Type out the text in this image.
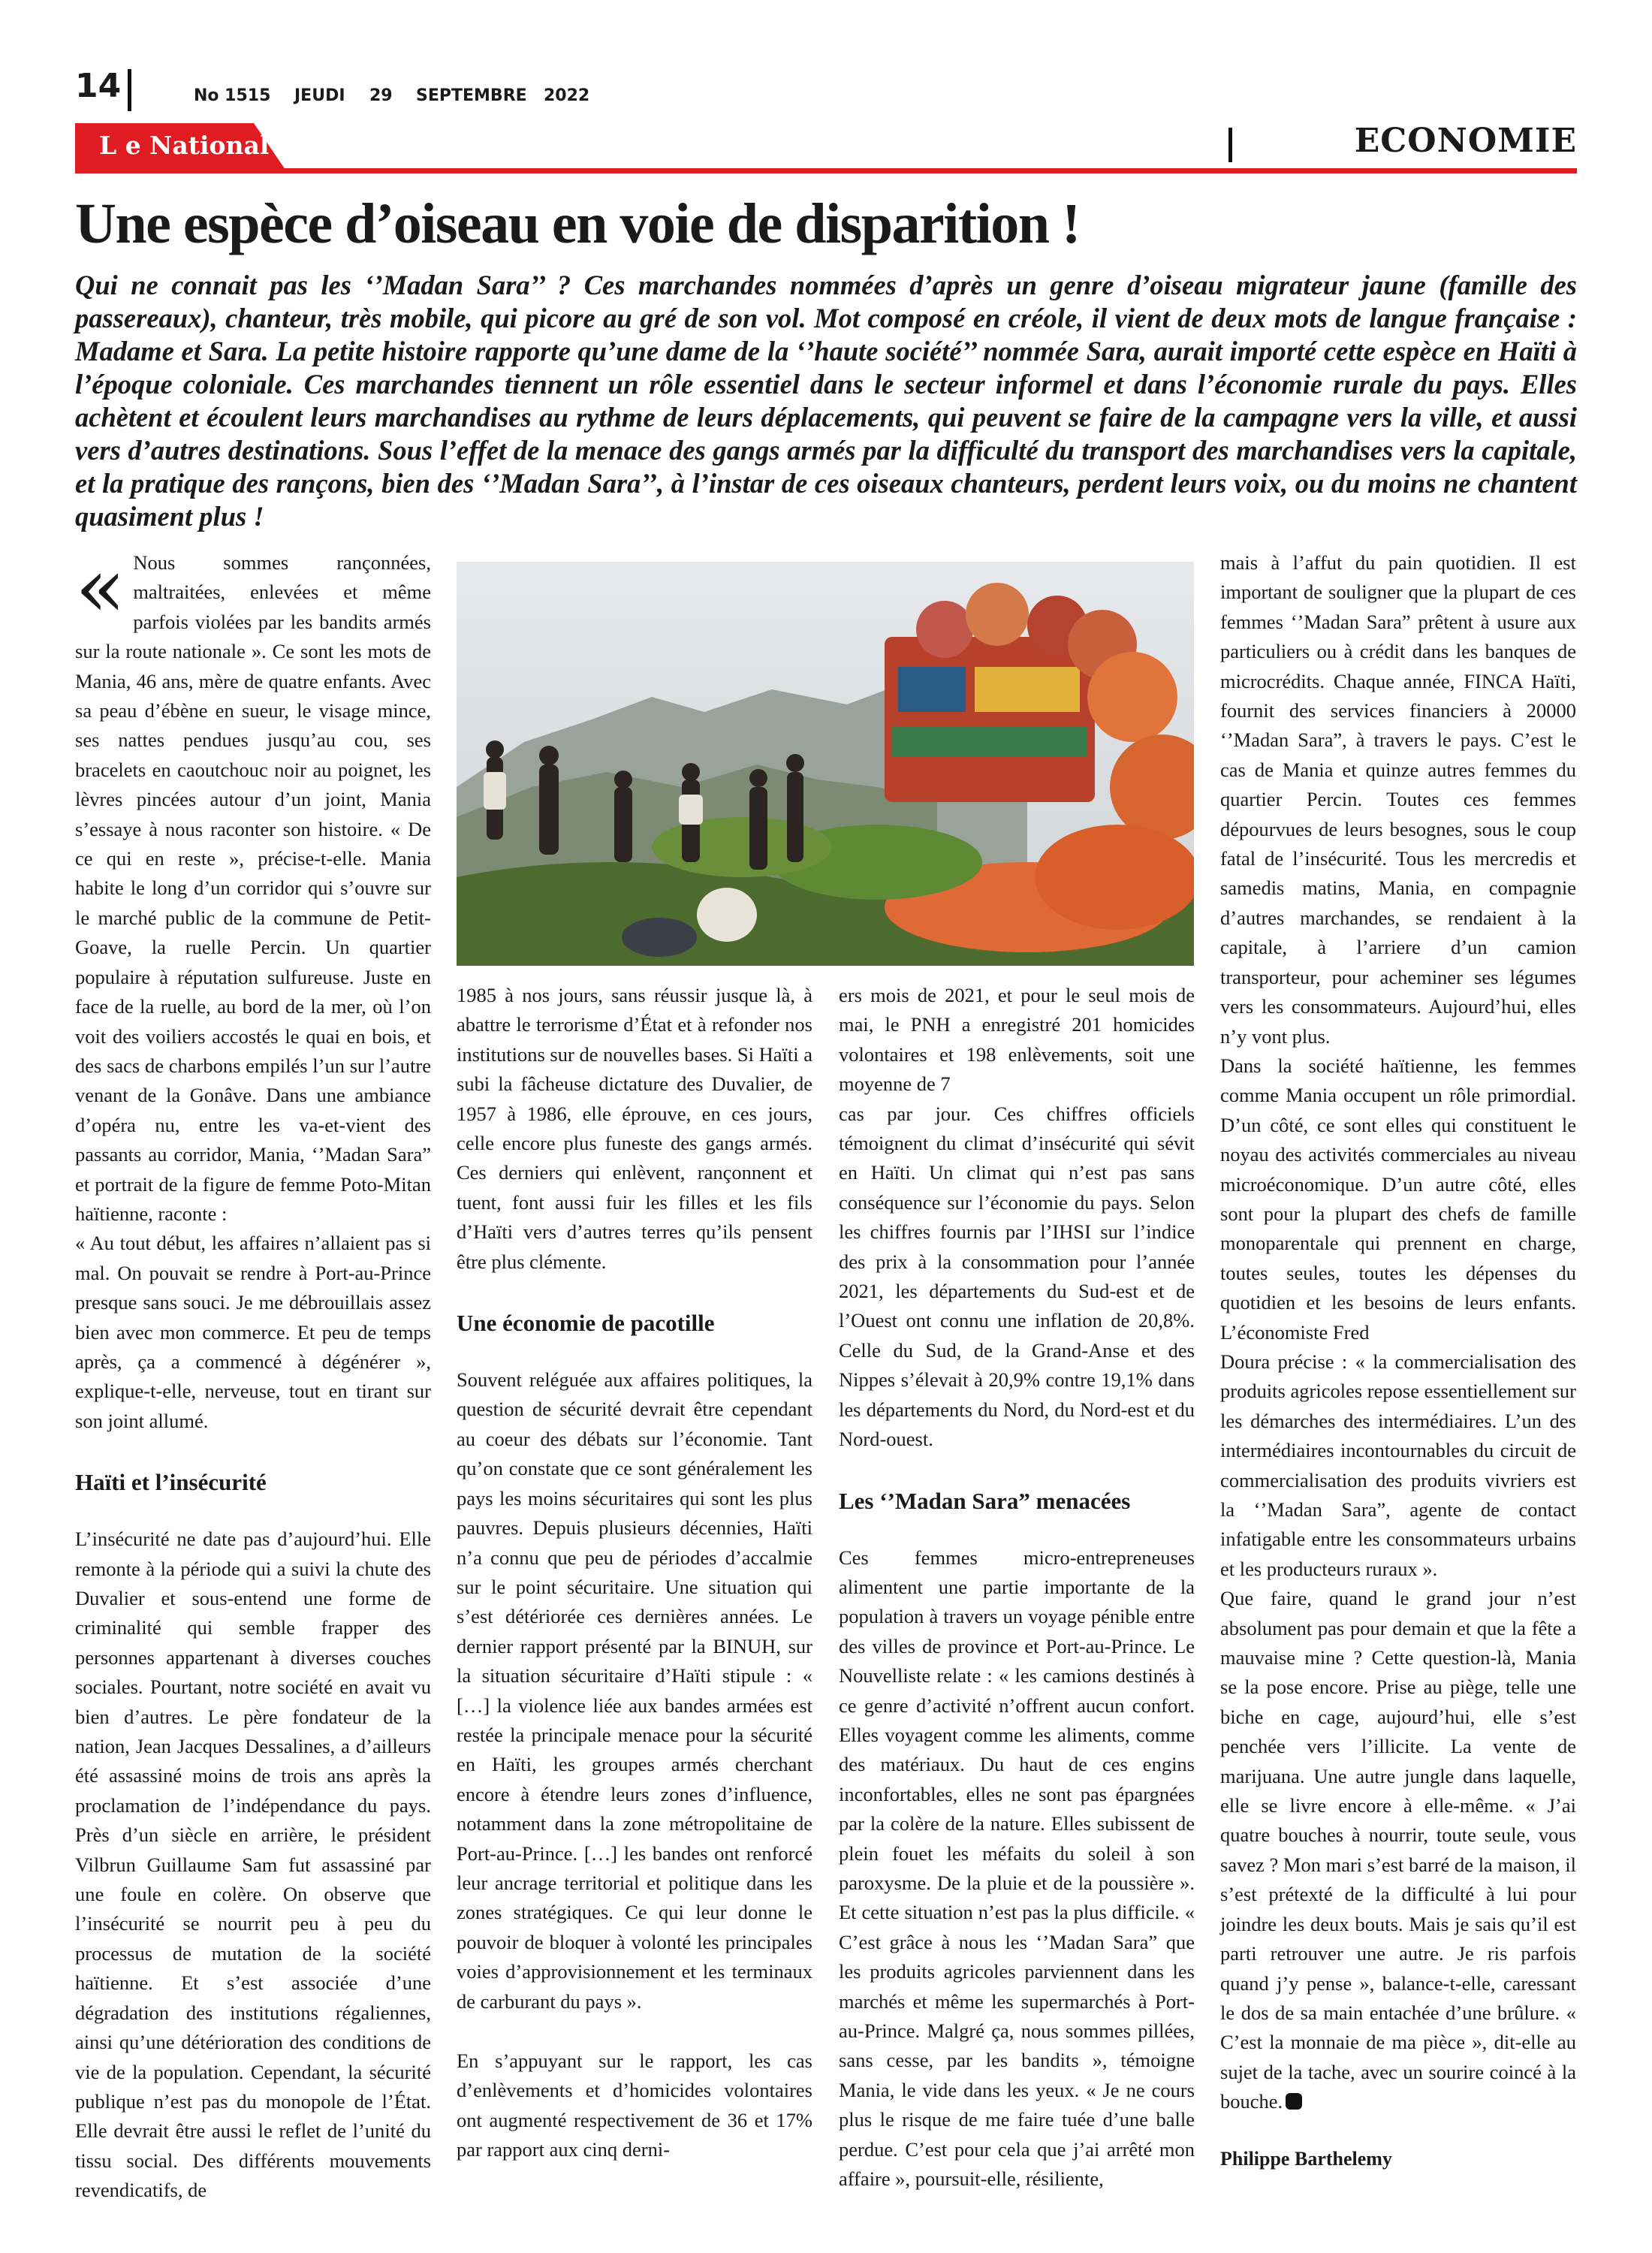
14	No 1515 JEUDI 29 SEPTEMBRE 2022
L e National	ECONOMIE
Une espèce d’oiseau en voie de disparition !
Qui ne connait pas les ‘’Madan Sara’’ ? Ces marchandes nommées d’après un genre d’oiseau migrateur jaune (famille des passereaux), chanteur, très mobile, qui picore au gré de son vol. Mot composé en créole, il vient de deux mots de langue française : Madame et Sara. La petite histoire rapporte qu’une dame de la ‘’haute société’’ nommée Sara, aurait importé cette espèce en Haïti à l’époque coloniale. Ces marchandes tiennent un rôle essentiel dans le secteur informel et dans l’économie rurale du pays. Elles achètent et écoulent leurs marchandises au rythme de leurs déplacements, qui peuvent se faire de la campagne vers la ville, et aussi vers d’autres destinations. Sous l’effet de la menace des gangs armés par la difficulté du transport des marchandises vers la capitale, et la pratique des rançons, bien des ‘’Madan Sara’’, à l’instar de ces oiseaux chanteurs, perdent leurs voix, ou du moins ne chantent quasiment plus !

« Nous sommes rançonnées, maltraitées, enlevées et même parfois violées par les bandits armés sur la route nationale ». Ce sont les mots de Mania, 46 ans, mère de quatre enfants. Avec sa peau d’ébène en sueur, le visage mince, ses nattes pendues jusqu’au cou, ses bracelets en caoutchouc noir au poignet, les lèvres pincées autour d’un joint, Mania s’essaye à nous raconter son histoire. « De ce qui en reste », précise-t-elle. Mania habite le long d’un corridor qui s’ouvre sur le marché public de la commune de Petit-Goave, la ruelle Percin. Un quartier populaire à réputation sulfureuse. Juste en face de la ruelle, au bord de la mer, où l’on voit des voiliers accostés le quai en bois, et des sacs de charbons empilés l’un sur l’autre venant de la Gonâve. Dans une ambiance d’opéra nu, entre les va-et-vient des passants au corridor, Mania, ‘’Madan Sara” et portrait de la figure de femme Poto-Mitan haïtienne, raconte :

« Au tout début, les affaires n’allaient pas si mal. On pouvait se rendre à Port-au-Prince presque sans souci. Je me débrouillais assez bien avec mon commerce. Et peu de temps après, ça a commencé à dégénérer », explique-t-elle, nerveuse, tout en tirant sur son joint allumé.

Haïti et l’insécurité

L’insécurité ne date pas d’aujourd’hui. Elle remonte à la période qui a suivi la chute des Duvalier et sous-entend une forme de criminalité qui semble frapper des personnes appartenant à diverses couches sociales. Pourtant, notre société en avait vu bien d’autres. Le père fondateur de la nation, Jean Jacques Dessalines, a d’ailleurs été assassiné moins de trois ans après la proclamation de l’indépendance du pays. Près d’un siècle en arrière, le président Vilbrun Guillaume Sam fut assassiné par une foule en colère. On observe que l’insécurité se nourrit peu à peu du processus de mutation de la société haïtienne. Et s’est associée d’une dégradation des institutions régaliennes, ainsi qu’une détérioration des conditions de vie de la population. Cependant, la sécurité publique n’est pas du monopole de l’État. Elle devrait être aussi le reflet de l’unité du tissu social. Des différents mouvements revendicatifs, de

1985 à nos jours, sans réussir jusque là, à abattre le terrorisme d’État et à refonder nos institutions sur de nouvelles bases. Si Haïti a subi la fâcheuse dictature des Duvalier, de 1957 à 1986, elle éprouve, en ces jours, celle encore plus funeste des gangs armés. Ces derniers qui enlèvent, rançonnent et tuent, font aussi fuir les filles et les fils d’Haïti vers d’autres terres qu’ils pensent être plus clémente.

Une économie de pacotille

Souvent reléguée aux affaires politiques, la question de sécurité devrait être cependant au coeur des débats sur l’économie. Tant qu’on constate que ce sont généralement les pays les moins sécuritaires qui sont les plus pauvres. Depuis plusieurs décennies, Haïti n’a connu que peu de périodes d’accalmie sur le point sécuritaire. Une situation qui s’est détériorée ces dernières années. Le dernier rapport présenté par la BINUH, sur la situation sécuritaire d’Haïti stipule : « […] la violence liée aux bandes armées est restée la principale menace pour la sécurité en Haïti, les groupes armés cherchant encore à étendre leurs zones d’influence, notamment dans la zone métropolitaine de Port-au-Prince. […] les bandes ont renforcé leur ancrage territorial et politique dans les zones stratégiques. Ce qui leur donne le pouvoir de bloquer à volonté les principales voies d’approvisionnement et les terminaux de carburant du pays ».

En s’appuyant sur le rapport, les cas d’enlèvements et d’homicides volontaires ont augmenté respectivement de 36 et 17% par rapport aux cinq derni-

ers mois de 2021, et pour le seul mois de mai, le PNH a enregistré 201 homicides volontaires et 198 enlèvements, soit une moyenne de 7

cas par jour. Ces chiffres officiels témoignent du climat d’insécurité qui sévit en Haïti. Un climat qui n’est pas sans conséquence sur l’économie du pays. Selon les chiffres fournis par l’IHSI sur l’indice des prix à la consommation pour l’année 2021, les départements du Sud-est et de l’Ouest ont connu une inflation de 20,8%. Celle du Sud, de la Grand-Anse et des Nippes s’élevait à 20,9% contre 19,1% dans les départements du Nord, du Nord-est et du Nord-ouest.

Les ‘’Madan Sara” menacées

Ces femmes micro-entrepreneuses alimentent une partie importante de la population à travers un voyage pénible entre des villes de province et Port-au-Prince. Le Nouvelliste relate : « les camions destinés à ce genre d’activité n’offrent aucun confort. Elles voyagent comme les aliments, comme des matériaux. Du haut de ces engins inconfortables, elles ne sont pas épargnées par la colère de la nature. Elles subissent de plein fouet les méfaits du soleil à son paroxysme. De la pluie et de la poussière ». Et cette situation n’est pas la plus difficile. « C’est grâce à nous les ‘’Madan Sara” que les produits agricoles parviennent dans les marchés et même les supermarchés à Port-au-Prince. Malgré ça, nous sommes pillées, sans cesse, par les bandits », témoigne Mania, le vide dans les yeux. « Je ne cours plus le risque de me faire tuée d’une balle perdue. C’est pour cela que j’ai arrêté mon affaire », poursuit-elle, résiliente,

mais à l’affut du pain quotidien. Il est important de souligner que la plupart de ces femmes ‘’Madan Sara” prêtent à usure aux particuliers ou à crédit dans les banques de microcrédits. Chaque année, FINCA Haïti, fournit des services financiers à 20000 ‘’Madan Sara”, à travers le pays. C’est le cas de Mania et quinze autres femmes du quartier Percin. Toutes ces femmes dépourvues de leurs besognes, sous le coup fatal de l’insécurité. Tous les mercredis et samedis matins, Mania, en compagnie d’autres marchandes, se rendaient à la capitale, à l’arriere d’un camion transporteur, pour acheminer ses légumes vers les consommateurs. Aujourd’hui, elles n’y vont plus.

Dans la société haïtienne, les femmes comme Mania occupent un rôle primordial. D’un côté, ce sont elles qui constituent le noyau des activités commerciales au niveau microéconomique. D’un autre côté, elles sont pour la plupart des chefs de famille monoparentale qui prennent en charge, toutes seules, toutes les dépenses du quotidien et les besoins de leurs enfants. L’économiste Fred

Doura précise : « la commercialisation des produits agricoles repose essentiellement sur les démarches des intermédiaires. L’un des intermédiaires incontournables du circuit de commercialisation des produits vivriers est la ‘’Madan Sara”, agente de contact infatigable entre les consommateurs urbains et les producteurs ruraux ».

Que faire, quand le grand jour n’est absolument pas pour demain et que la fête a mauvaise mine ? Cette question-là, Mania se la pose encore. Prise au piège, telle une biche en cage, aujourd’hui, elle s’est penchée vers l’illicite. La vente de marijuana. Une autre jungle dans laquelle, elle se livre encore à elle-même. « J’ai quatre bouches à nourrir, toute seule, vous savez ? Mon mari s’est barré de la maison, il s’est prétexté de la difficulté à lui pour joindre les deux bouts. Mais je sais qu’il est parti retrouver une autre. Je ris parfois quand j’y pense », balance-t-elle, caressant le dos de sa main entachée d’une brûlure. « C’est la monnaie de ma pièce », dit-elle au sujet de la tache, avec un sourire coincé à la bouche.

Philippe Barthelemy
